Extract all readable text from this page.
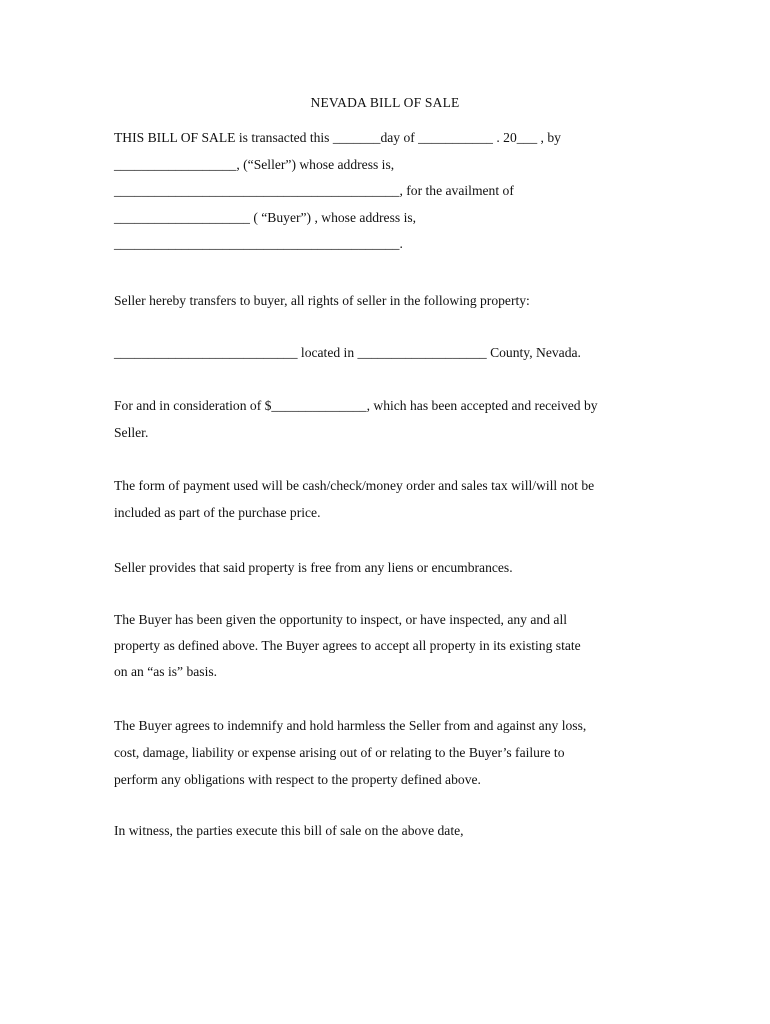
NEVADA BILL OF SALE
THIS BILL OF SALE is transacted this _______day of ___________ . 20___ , by
__________________, (“Seller”) whose address is,
__________________________________________, for the availment of
____________________ ( “Buyer”) , whose address is,
__________________________________________.
Seller hereby transfers to buyer, all rights of seller in the following property:
___________________________ located in ___________________ County, Nevada.
For and in consideration of $______________, which has been accepted and received by
Seller.
The form of payment used will be cash/check/money order and sales tax will/will not be
included as part of the purchase price.
Seller provides that said property is free from any liens or encumbrances.
The Buyer has been given the opportunity to inspect, or have inspected, any and all
property as defined above. The Buyer agrees to accept all property in its existing state
on an “as is” basis.
The Buyer agrees to indemnify and hold harmless the Seller from and against any loss,
cost, damage, liability or expense arising out of or relating to the Buyer’s failure to
perform any obligations with respect to the property defined above.
In witness, the parties execute this bill of sale on the above date,
